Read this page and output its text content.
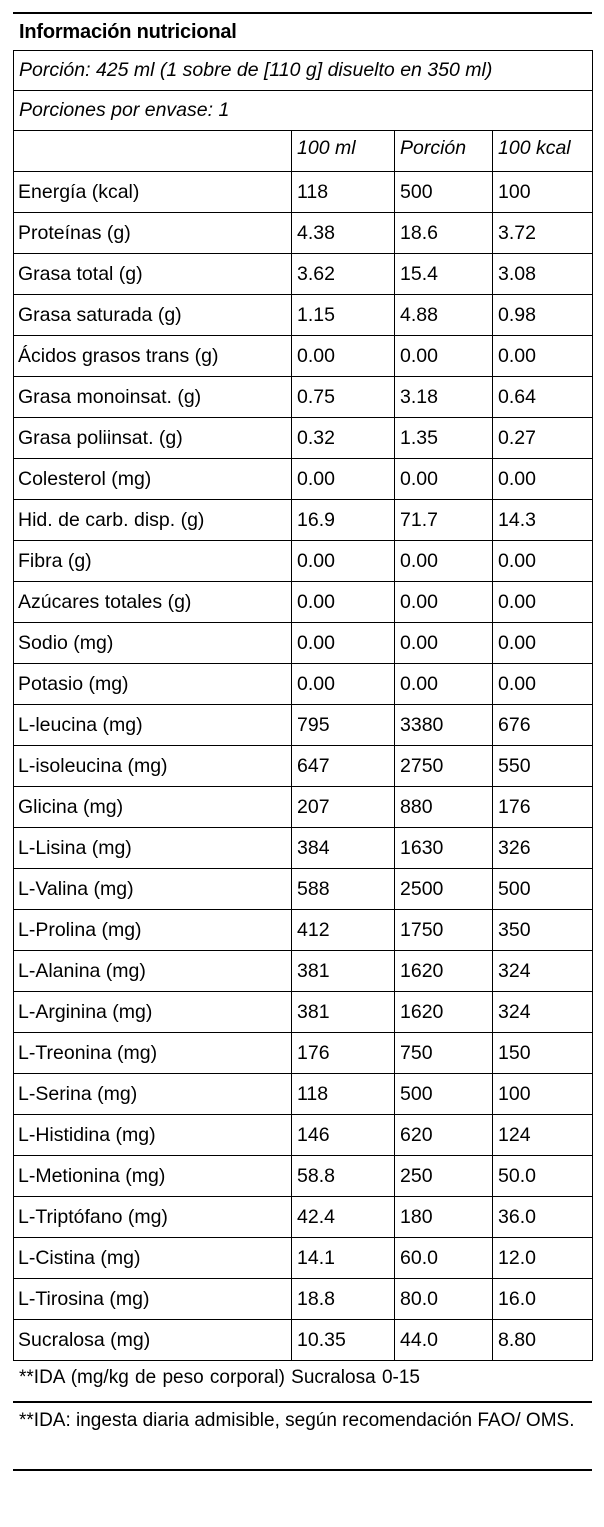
Información nutricional
Porción: 425 ml (1 sobre de [110 g] disuelto en 350 ml)			
Porciones por envase: 1			
	100 ml	Porción	100 kcal
Energía (kcal)	118	500	100
Proteínas (g)	4.38	18.6	3.72
Grasa total (g)	3.62	15.4	3.08
Grasa saturada (g)	1.15	4.88	0.98
Ácidos grasos trans (g)	0.00	0.00	0.00
Grasa monoinsat. (g)	0.75	3.18	0.64
Grasa poliinsat. (g)	0.32	1.35	0.27
Colesterol (mg)	0.00	0.00	0.00
Hid. de carb. disp. (g)	16.9	71.7	14.3
Fibra (g)	0.00	0.00	0.00
Azúcares totales (g)	0.00	0.00	0.00
Sodio (mg)	0.00	0.00	0.00
Potasio (mg)	0.00	0.00	0.00
L-leucina (mg)	795	3380	676
L-isoleucina (mg)	647	2750	550
Glicina (mg)	207	880	176
L-Lisina (mg)	384	1630	326
L-Valina (mg)	588	2500	500
L-Prolina (mg)	412	1750	350
L-Alanina (mg)	381	1620	324
L-Arginina (mg)	381	1620	324
L-Treonina (mg)	176	750	150
L-Serina (mg)	118	500	100
L-Histidina (mg)	146	620	124
L-Metionina (mg)	58.8	250	50.0
L-Triptófano (mg)	42.4	180	36.0
L-Cistina (mg)	14.1	60.0	12.0
L-Tirosina (mg)	18.8	80.0	16.0
Sucralosa (mg)	10.35	44.0	8.80
**IDA (mg/kg de peso corporal) Sucralosa 0-15
**IDA: ingesta diaria admisible, según recomendación FAO/ OMS.
